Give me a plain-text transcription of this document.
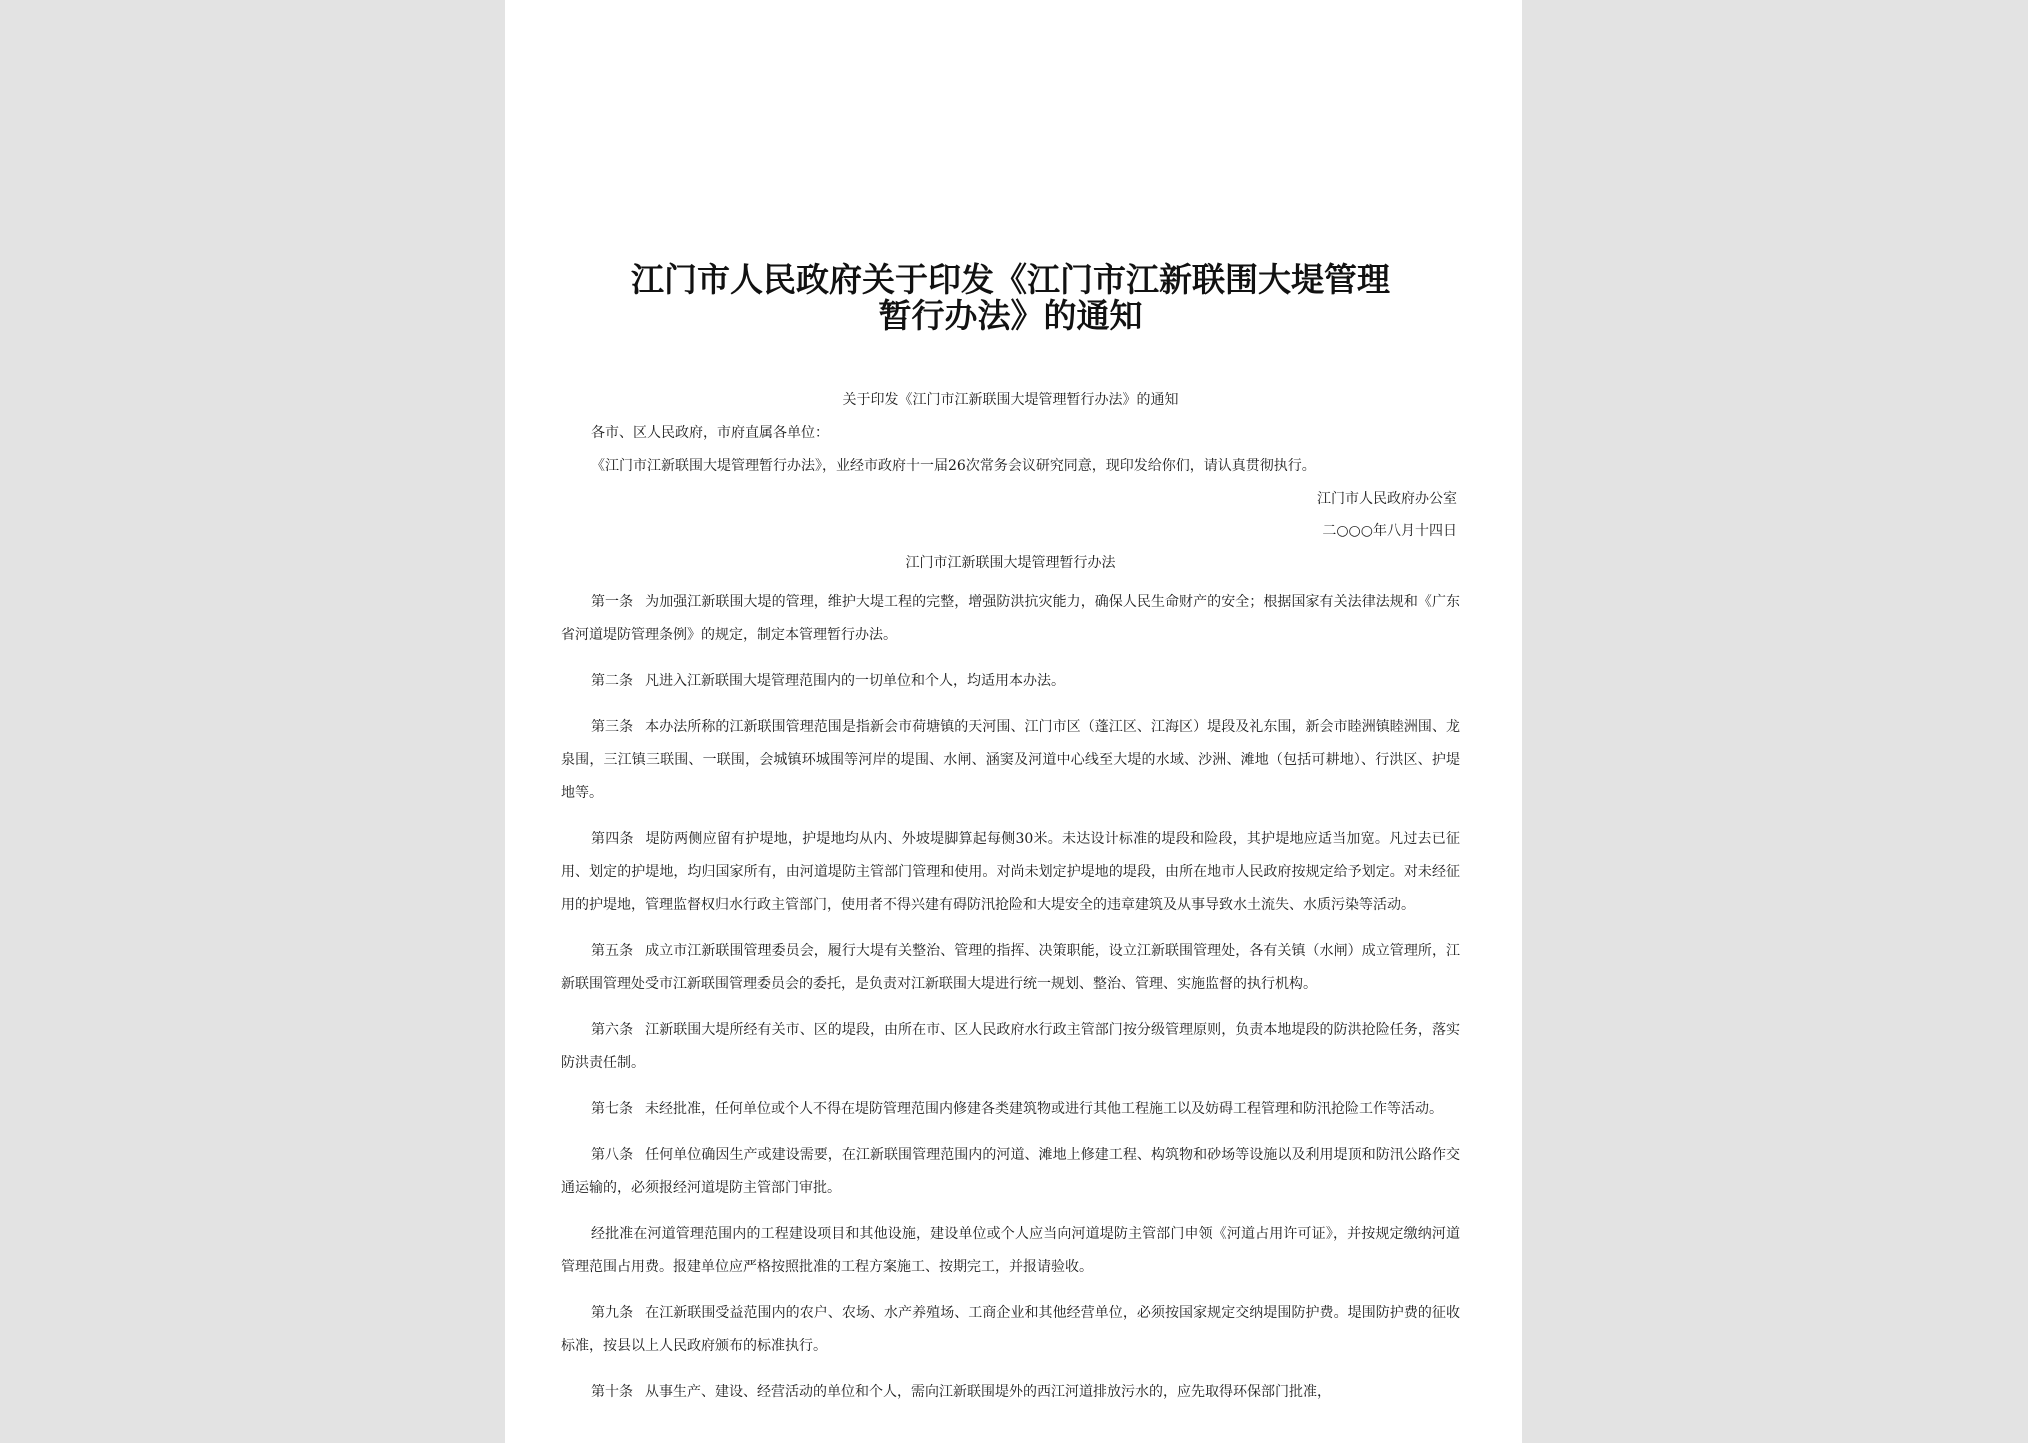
江门市人民政府关于印发《江门市江新联围大堤管理
暂行办法》的通知
关于印发《江门市江新联围大堤管理暂行办法》的通知
各市、区人民政府，市府直属各单位：
《江门市江新联围大堤管理暂行办法》，业经市政府十一届26次常务会议研究同意，现印发给你们，请认真贯彻执行。
江门市人民政府办公室
二○○○年八月十四日
江门市江新联围大堤管理暂行办法
第一条 为加强江新联围大堤的管理，维护大堤工程的完整，增强防洪抗灾能力，确保人民生命财产的安全；根据国家有关法律法规和《广东省河道堤防管理条例》的规定，制定本管理暂行办法。
第二条 凡进入江新联围大堤管理范围内的一切单位和个人，均适用本办法。
第三条 本办法所称的江新联围管理范围是指新会市荷塘镇的天河围、江门市区（蓬江区、江海区）堤段及礼东围，新会市睦洲镇睦洲围、龙泉围，三江镇三联围、一联围，会城镇环城围等河岸的堤围、水闸、涵窦及河道中心线至大堤的水域、沙洲、滩地（包括可耕地）、行洪区、护堤地等。
第四条 堤防两侧应留有护堤地，护堤地均从内、外坡堤脚算起每侧30米。未达设计标准的堤段和险段，其护堤地应适当加宽。凡过去已征用、划定的护堤地，均归国家所有，由河道堤防主管部门管理和使用。对尚未划定护堤地的堤段，由所在地市人民政府按规定给予划定。对未经征用的护堤地，管理监督权归水行政主管部门，使用者不得兴建有碍防汛抢险和大堤安全的违章建筑及从事导致水土流失、水质污染等活动。
第五条 成立市江新联围管理委员会，履行大堤有关整治、管理的指挥、决策职能，设立江新联围管理处，各有关镇（水闸）成立管理所，江新联围管理处受市江新联围管理委员会的委托，是负责对江新联围大堤进行统一规划、整治、管理、实施监督的执行机构。
第六条 江新联围大堤所经有关市、区的堤段，由所在市、区人民政府水行政主管部门按分级管理原则，负责本地堤段的防洪抢险任务，落实防洪责任制。
第七条 未经批准，任何单位或个人不得在堤防管理范围内修建各类建筑物或进行其他工程施工以及妨碍工程管理和防汛抢险工作等活动。
第八条 任何单位确因生产或建设需要，在江新联围管理范围内的河道、滩地上修建工程、构筑物和砂场等设施以及利用堤顶和防汛公路作交通运输的，必须报经河道堤防主管部门审批。
经批准在河道管理范围内的工程建设项目和其他设施，建设单位或个人应当向河道堤防主管部门申领《河道占用许可证》，并按规定缴纳河道管理范围占用费。报建单位应严格按照批准的工程方案施工、按期完工，并报请验收。
第九条 在江新联围受益范围内的农户、农场、水产养殖场、工商企业和其他经营单位，必须按国家规定交纳堤围防护费。堤围防护费的征收标准，按县以上人民政府颁布的标准执行。
第十条 从事生产、建设、经营活动的单位和个人，需向江新联围堤外的西江河道排放污水的，应先取得环保部门批准，
